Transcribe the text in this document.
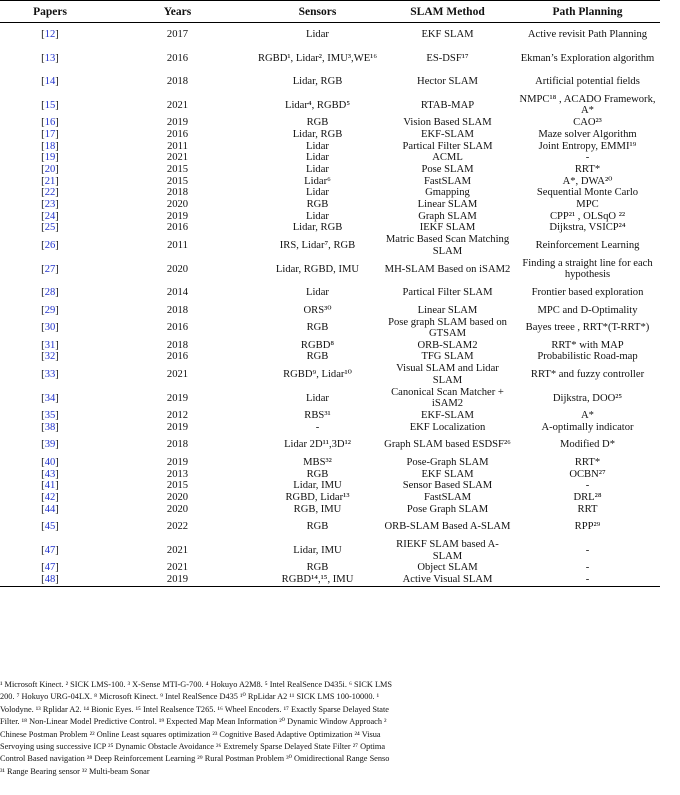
Papers	Years	Sensors	SLAM Method	Path Planning
[12]	2017	Lidar	EKF SLAM	Active revisit Path Planning
[13]	2016	RGBD¹, Lidar², IMU³,WE¹⁶	ES-DSF¹⁷	Ekman’s Exploration algorithm
[14]	2018	Lidar, RGB	Hector SLAM	Artificial potential fields
[15]	2021	Lidar⁴, RGBD⁵	RTAB-MAP	NMPC¹⁸ , ACADO Framework, A*
[16]	2019	RGB	Vision Based SLAM	CAO²³
[17]	2016	Lidar, RGB	EKF-SLAM	Maze solver Algorithm
[18]	2011	Lidar	Partical Filter SLAM	Joint Entropy, EMMI¹⁹
[19]	2021	Lidar	ACML	-
[20]	2015	Lidar	Pose SLAM	RRT*
[21]	2015	Lidar⁶	FastSLAM	A*, DWA²⁰
[22]	2018	Lidar	Gmapping	Sequential Monte Carlo
[23]	2020	RGB	Linear SLAM	MPC
[24]	2019	Lidar	Graph SLAM	CPP²¹ , OLSqO ²²
[25]	2016	Lidar, RGB	IEKF SLAM	Dijkstra, VSICP²⁴
[26]	2011	IRS, Lidar⁷, RGB	Matric Based Scan Matching SLAM	Reinforcement Learning
[27]	2020	Lidar, RGBD, IMU	MH-SLAM Based on iSAM2	Finding a straight line for each hypothesis
[28]	2014	Lidar	Partical Filter SLAM	Frontier based exploration
[29]	2018	ORS³⁰	Linear SLAM	MPC and D-Optimality
[30]	2016	RGB	Pose graph SLAM based on GTSAM	Bayes treee , RRT*(T-RRT*)
[31]	2018	RGBD⁸	ORB-SLAM2	RRT* with MAP
[32]	2016	RGB	TFG SLAM	Probabilistic Road-map
[33]	2021	RGBD⁹, Lidar¹⁰	Visual SLAM and Lidar SLAM	RRT* and fuzzy controller
[34]	2019	Lidar	Canonical Scan Matcher + iSAM2	Dijkstra, DOO²⁵
[35]	2012	RBS³¹	EKF-SLAM	A*
[38]	2019	-	EKF Localization	A-optimally indicator
[39]	2018	Lidar 2D¹¹,3D¹²	Graph SLAM based ESDSF²⁶	Modified D*
[40]	2019	MBS³²	Pose-Graph SLAM	RRT*
[43]	2013	RGB	EKF SLAM	OCBN²⁷
[41]	2015	Lidar, IMU	Sensor Based SLAM	-
[42]	2020	RGBD, Lidar¹³	FastSLAM	DRL²⁸
[44]	2020	RGB, IMU	Pose Graph SLAM	RRT
[45]	2022	RGB	ORB-SLAM Based A-SLAM	RPP²⁹
[47]	2021	Lidar, IMU	RIEKF SLAM based A-SLAM	-
[47]	2021	RGB	Object SLAM	-
[48]	2019	RGBD¹⁴,¹⁵, IMU	Active Visual SLAM	-
¹ Microsoft Kinect. ² SICK LMS-100. ³ X-Sense MTI-G-700. ⁴ Hokuyo A2M8. ⁵ Intel RealSence D435i. ⁶ SICK LMS
200. ⁷ Hokuyo URG-04LX. ⁸ Microsoft Kinect. ⁹ Intel RealSence D435 ¹⁰ RpLidar A2 ¹¹ SICK LMS 100-10000. ¹
Volodyne. ¹³ Rplidar A2. ¹⁴ Bionic Eyes. ¹⁵ Intel Realsence T265. ¹⁶ Wheel Encoders. ¹⁷ Exactly Sparse Delayed State
Filter. ¹⁸ Non-Linear Model Predictive Control. ¹⁹ Expected Map Mean Information ²⁰ Dynamic Window Approach ²
Chinese Postman Problem ²² Online Least squares optimization ²³ Cognitive Based Adaptive Optimization ²⁴ Visua
Servoying using successive ICP ²⁵ Dynamic Obstacle Avoidance ²⁶ Extremely Sparse Delayed State Filter ²⁷ Optima
Control Based navigation ²⁸ Deep Reinforcement Learning ²⁹ Rural Postman Problem ³⁰ Omidirectional Range Senso
³¹ Range Bearing sensor ³² Multi-beam Sonar
